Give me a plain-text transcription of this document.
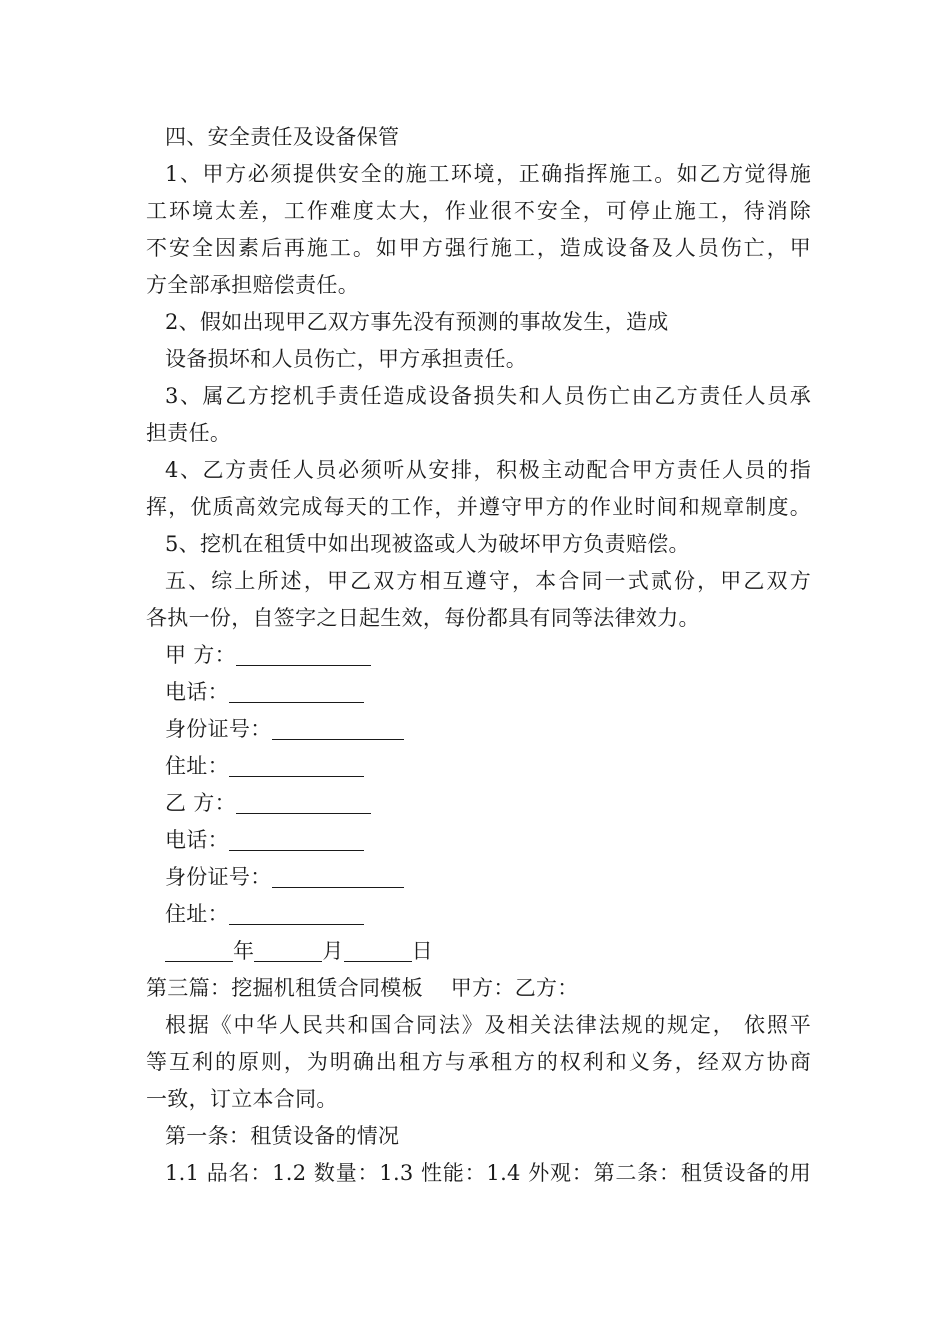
四、安全责任及设备保管
1、甲方必须提供安全的施工环境，正确指挥施工。如乙方觉得施
工环境太差，工作难度太大，作业很不安全，可停止施工，待消除
不安全因素后再施工。如甲方强行施工，造成设备及人员伤亡，甲
方全部承担赔偿责任。
2、假如出现甲乙双方事先没有预测的事故发生，造成
设备损坏和人员伤亡，甲方承担责任。
3、属乙方挖机手责任造成设备损失和人员伤亡由乙方责任人员承
担责任。
4、乙方责任人员必须听从安排，积极主动配合甲方责任人员的指
挥，优质高效完成每天的工作，并遵守甲方的作业时间和规章制度。
5、挖机在租赁中如出现被盗或人为破坏甲方负责赔偿。
五、综上所述，甲乙双方相互遵守，本合同一式贰份，甲乙双方
各执一份，自签字之日起生效，每份都具有同等法律效力。
甲 方：
电话：
身份证号：
住址：
乙 方：
电话：
身份证号：
住址：
年	月	日
第三篇：挖掘机租赁合同模板    甲方：乙方：
根据《中华人民共和国合同法》及相关法律法规的规定， 依照平
等互利的原则，为明确出租方与承租方的权利和义务，经双方协商
一致，订立本合同。
第一条：租赁设备的情况
1.1 品名：1.2 数量：1.3 性能：1.4 外观：第二条：租赁设备的用
